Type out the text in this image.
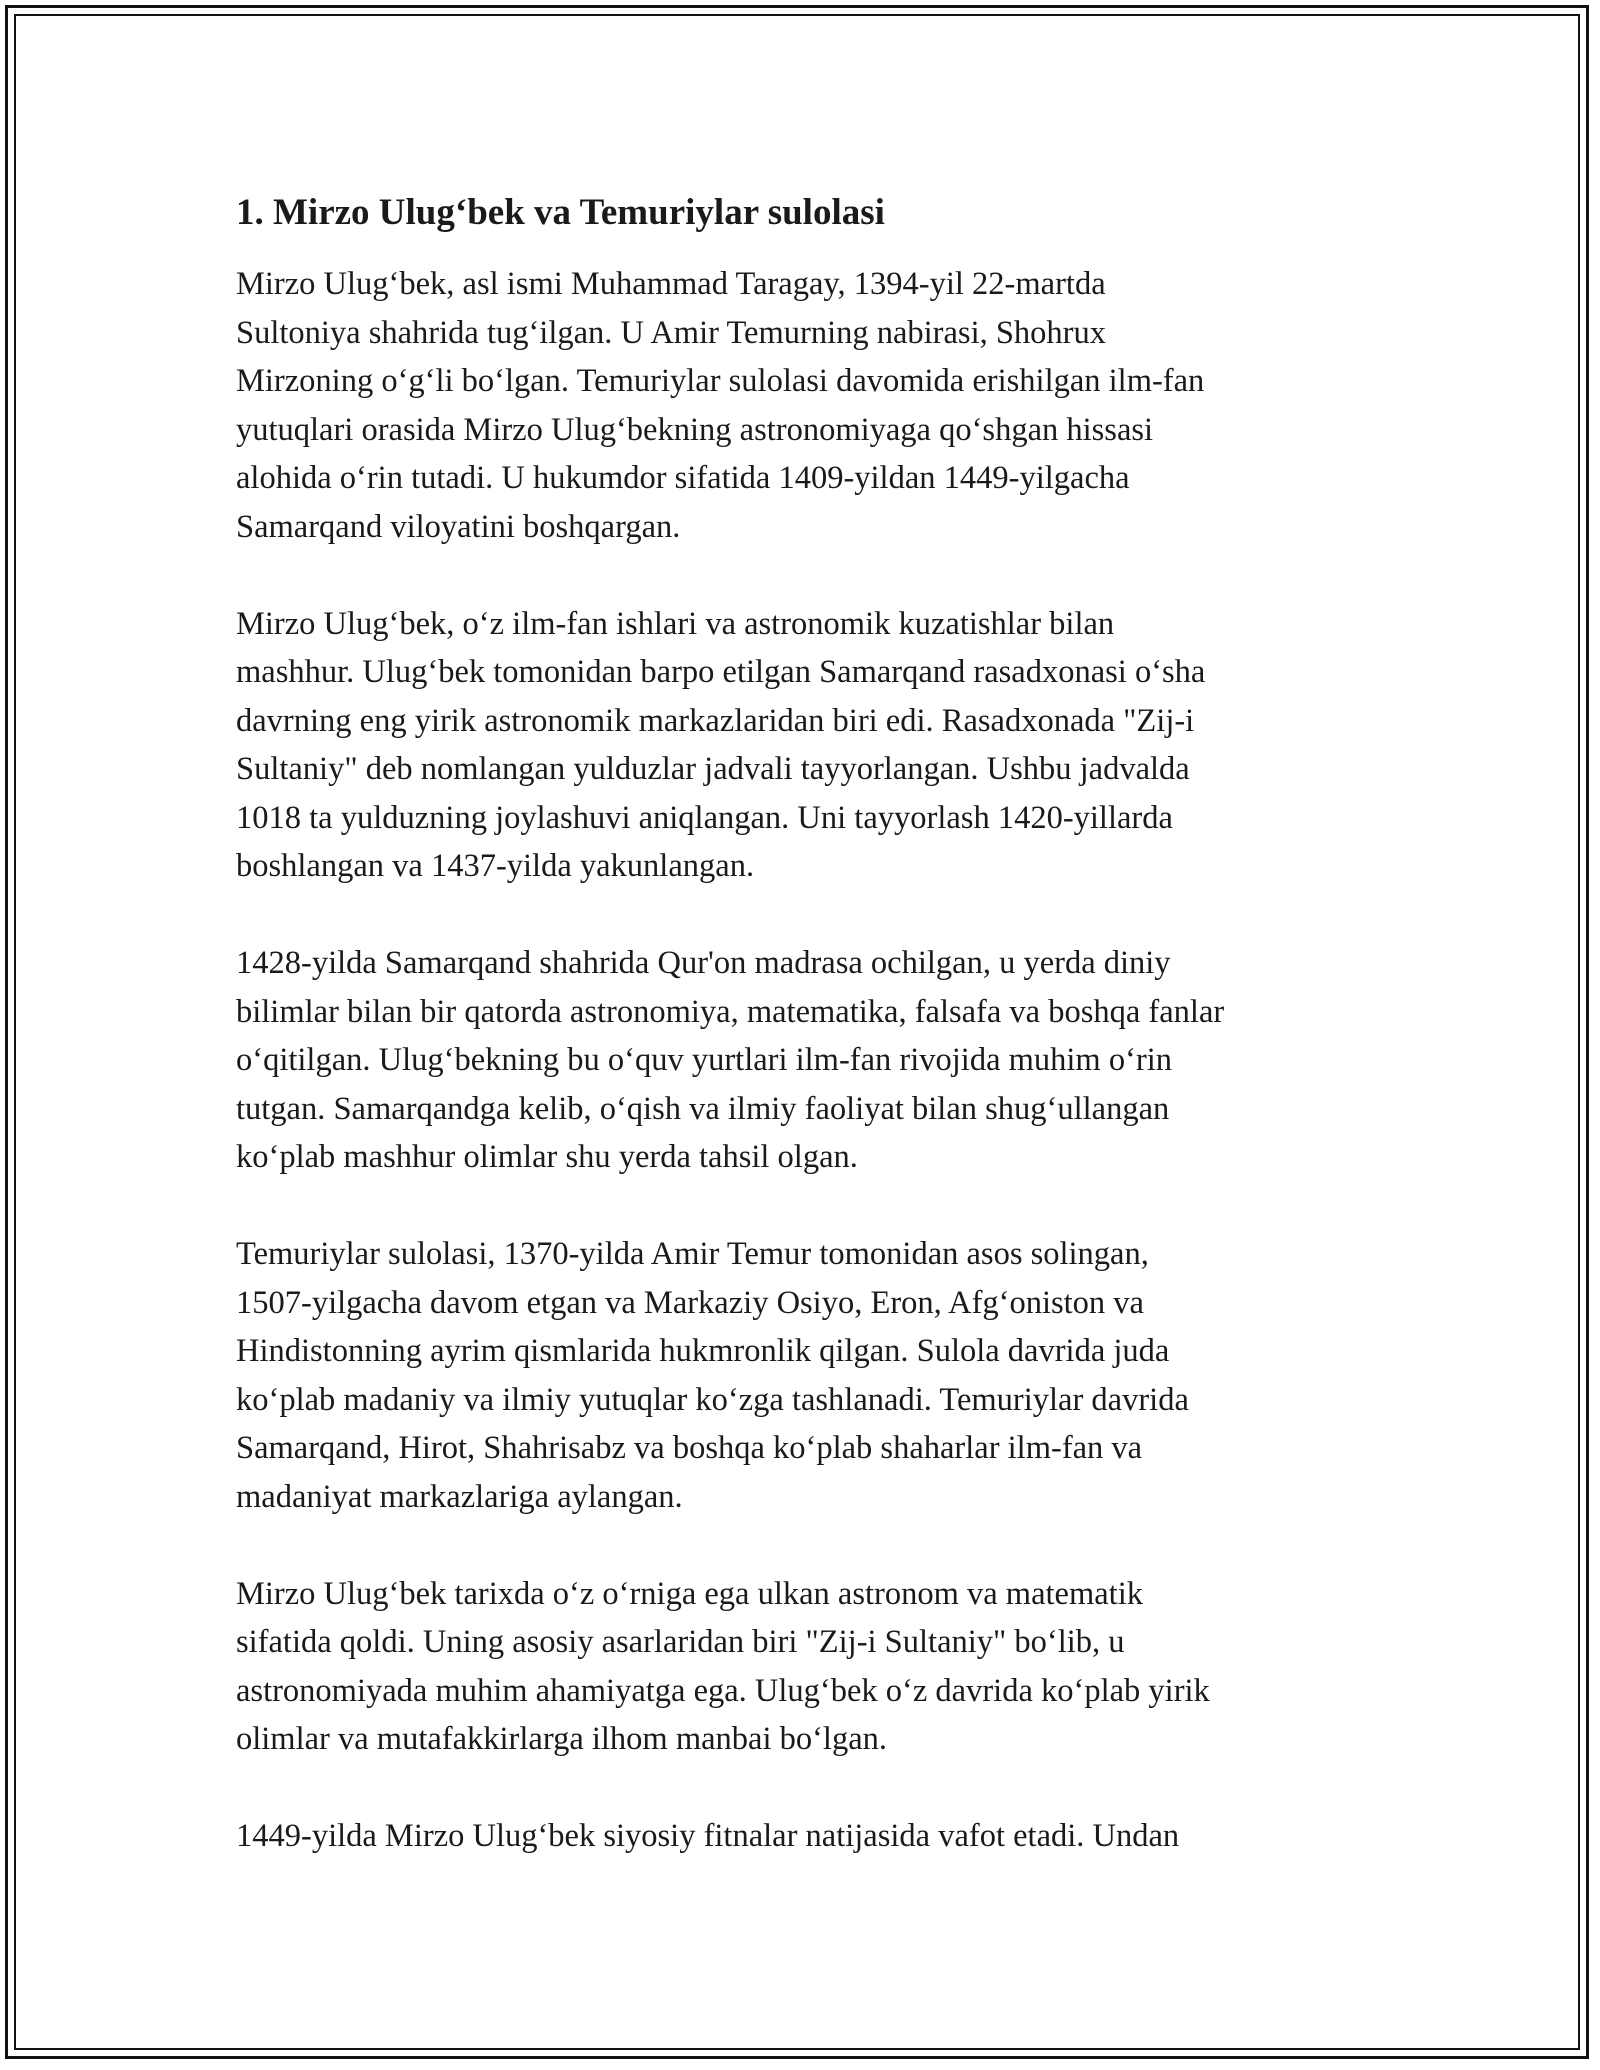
1. Mirzo Ulug‘bek va Temuriylar sulolasi

Mirzo Ulug‘bek, asl ismi Muhammad Taragay, 1394-yil 22-martda
Sultoniya shahrida tug‘ilgan. U Amir Temurning nabirasi, Shohrux
Mirzoning o‘g‘li bo‘lgan. Temuriylar sulolasi davomida erishilgan ilm-fan
yutuqlari orasida Mirzo Ulug‘bekning astronomiyaga qo‘shgan hissasi
alohida o‘rin tutadi. U hukumdor sifatida 1409-yildan 1449-yilgacha
Samarqand viloyatini boshqargan.

Mirzo Ulug‘bek, o‘z ilm-fan ishlari va astronomik kuzatishlar bilan
mashhur. Ulug‘bek tomonidan barpo etilgan Samarqand rasadxonasi o‘sha
davrning eng yirik astronomik markazlaridan biri edi. Rasadxonada "Zij-i
Sultaniy" deb nomlangan yulduzlar jadvali tayyorlangan. Ushbu jadvalda
1018 ta yulduzning joylashuvi aniqlangan. Uni tayyorlash 1420-yillarda
boshlangan va 1437-yilda yakunlangan.

1428-yilda Samarqand shahrida Qur'on madrasa ochilgan, u yerda diniy
bilimlar bilan bir qatorda astronomiya, matematika, falsafa va boshqa fanlar
o‘qitilgan. Ulug‘bekning bu o‘quv yurtlari ilm-fan rivojida muhim o‘rin
tutgan. Samarqandga kelib, o‘qish va ilmiy faoliyat bilan shug‘ullangan
ko‘plab mashhur olimlar shu yerda tahsil olgan.

Temuriylar sulolasi, 1370-yilda Amir Temur tomonidan asos solingan,
1507-yilgacha davom etgan va Markaziy Osiyo, Eron, Afg‘oniston va
Hindistonning ayrim qismlarida hukmronlik qilgan. Sulola davrida juda
ko‘plab madaniy va ilmiy yutuqlar ko‘zga tashlanadi. Temuriylar davrida
Samarqand, Hirot, Shahrisabz va boshqa ko‘plab shaharlar ilm-fan va
madaniyat markazlariga aylangan.

Mirzo Ulug‘bek tarixda o‘z o‘rniga ega ulkan astronom va matematik
sifatida qoldi. Uning asosiy asarlaridan biri "Zij-i Sultaniy" bo‘lib, u
astronomiyada muhim ahamiyatga ega. Ulug‘bek o‘z davrida ko‘plab yirik
olimlar va mutafakkirlarga ilhom manbai bo‘lgan.

1449-yilda Mirzo Ulug‘bek siyosiy fitnalar natijasida vafot etadi. Undan
